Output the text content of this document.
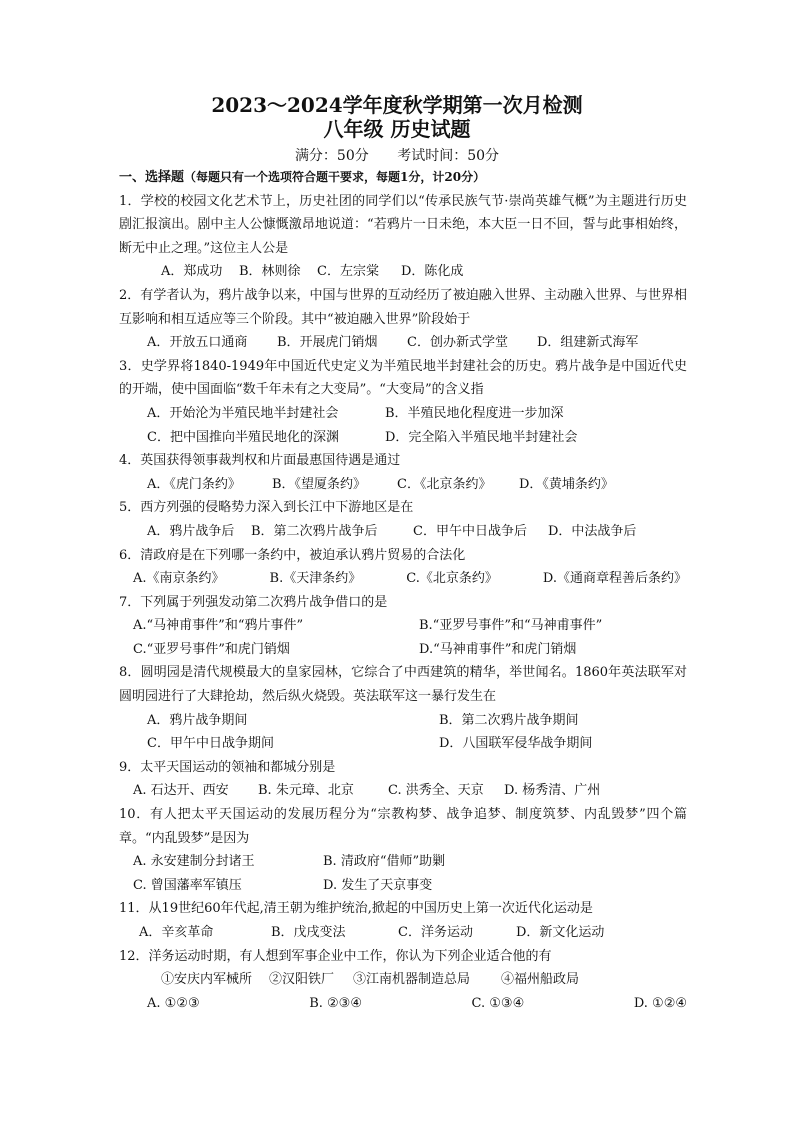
2023～2024学年度秋学期第一次月检测
八年级 历史试题
满分：50分 考试时间：50分
一、选择题（每题只有一个选项符合题干要求，每题1分，计20分）
1．学校的校园文化艺术节上，历史社团的同学们以“传承民族气节·崇尚英雄气概”为主题进行历史剧汇报演出。剧中主人公慷慨激昂地说道：“若鸦片一日未绝，本大臣一日不回，誓与此事相始终，断无中止之理。”这位主人公是
A．郑成功	B．林则徐	C．左宗棠	D．陈化成
2．有学者认为，鸦片战争以来，中国与世界的互动经历了被迫融入世界、主动融入世界、与世界相互影响和相互适应等三个阶段。其中“被迫融入世界”阶段始于
A．开放五口通商	B．开展虎门销烟	C．创办新式学堂	D．组建新式海军
3．史学界将1840-1949年中国近代史定义为半殖民地半封建社会的历史。鸦片战争是中国近代史的开端，使中国面临“数千年未有之大变局”。“大变局”的含义指
A．开始沦为半殖民地半封建社会	B．半殖民地化程度进一步加深
C．把中国推向半殖民地化的深渊	D．完全陷入半殖民地半封建社会
4．英国获得领事裁判权和片面最惠国待遇是通过
A．《虎门条约》	B．《望厦条约》	C．《北京条约》	D．《黄埔条约》
5．西方列强的侵略势力深入到长江中下游地区是在
A．鸦片战争后	B．第二次鸦片战争后	C．甲午中日战争后	D．中法战争后
6．清政府是在下列哪一条约中，被迫承认鸦片贸易的合法化
A.《南京条约》	B.《天津条约》	C.《北京条约》	D.《通商章程善后条约》
7．下列属于列强发动第二次鸦片战争借口的是
A.“马神甫事件”和“鸦片事件”	B.“亚罗号事件”和“马神甫事件”
C.“亚罗号事件”和虎门销烟	D.“马神甫事件”和虎门销烟
8．圆明园是清代规模最大的皇家园林，它综合了中西建筑的精华，举世闻名。1860年英法联军对圆明园进行了大肆抢劫，然后纵火烧毁。英法联军这一暴行发生在
A．鸦片战争期间	B．第二次鸦片战争期间
C．甲午中日战争期间	D．八国联军侵华战争期间
9．太平天国运动的领袖和都城分别是
A. 石达开、西安	B. 朱元璋、北京	C. 洪秀全、天京	D. 杨秀清、广州
10．有人把太平天国运动的发展历程分为“宗教构梦、战争追梦、制度筑梦、内乱毁梦”四个篇章。“内乱毁梦”是因为
A. 永安建制分封诸王	B. 清政府“借师”助剿
C. 曾国藩率军镇压	D. 发生了天京事变
11．从19世纪60年代起,清王朝为维护统治,掀起的中国历史上第一次近代化运动是
A．辛亥革命	B．戊戌变法	C．洋务运动	D．新文化运动
12．洋务运动时期，有人想到军事企业中工作，你认为下列企业适合他的有
①安庆内军械所	②汉阳铁厂	③江南机器制造总局	④福州船政局
A. ①②③	B. ②③④	C. ①③④	D. ①②④
